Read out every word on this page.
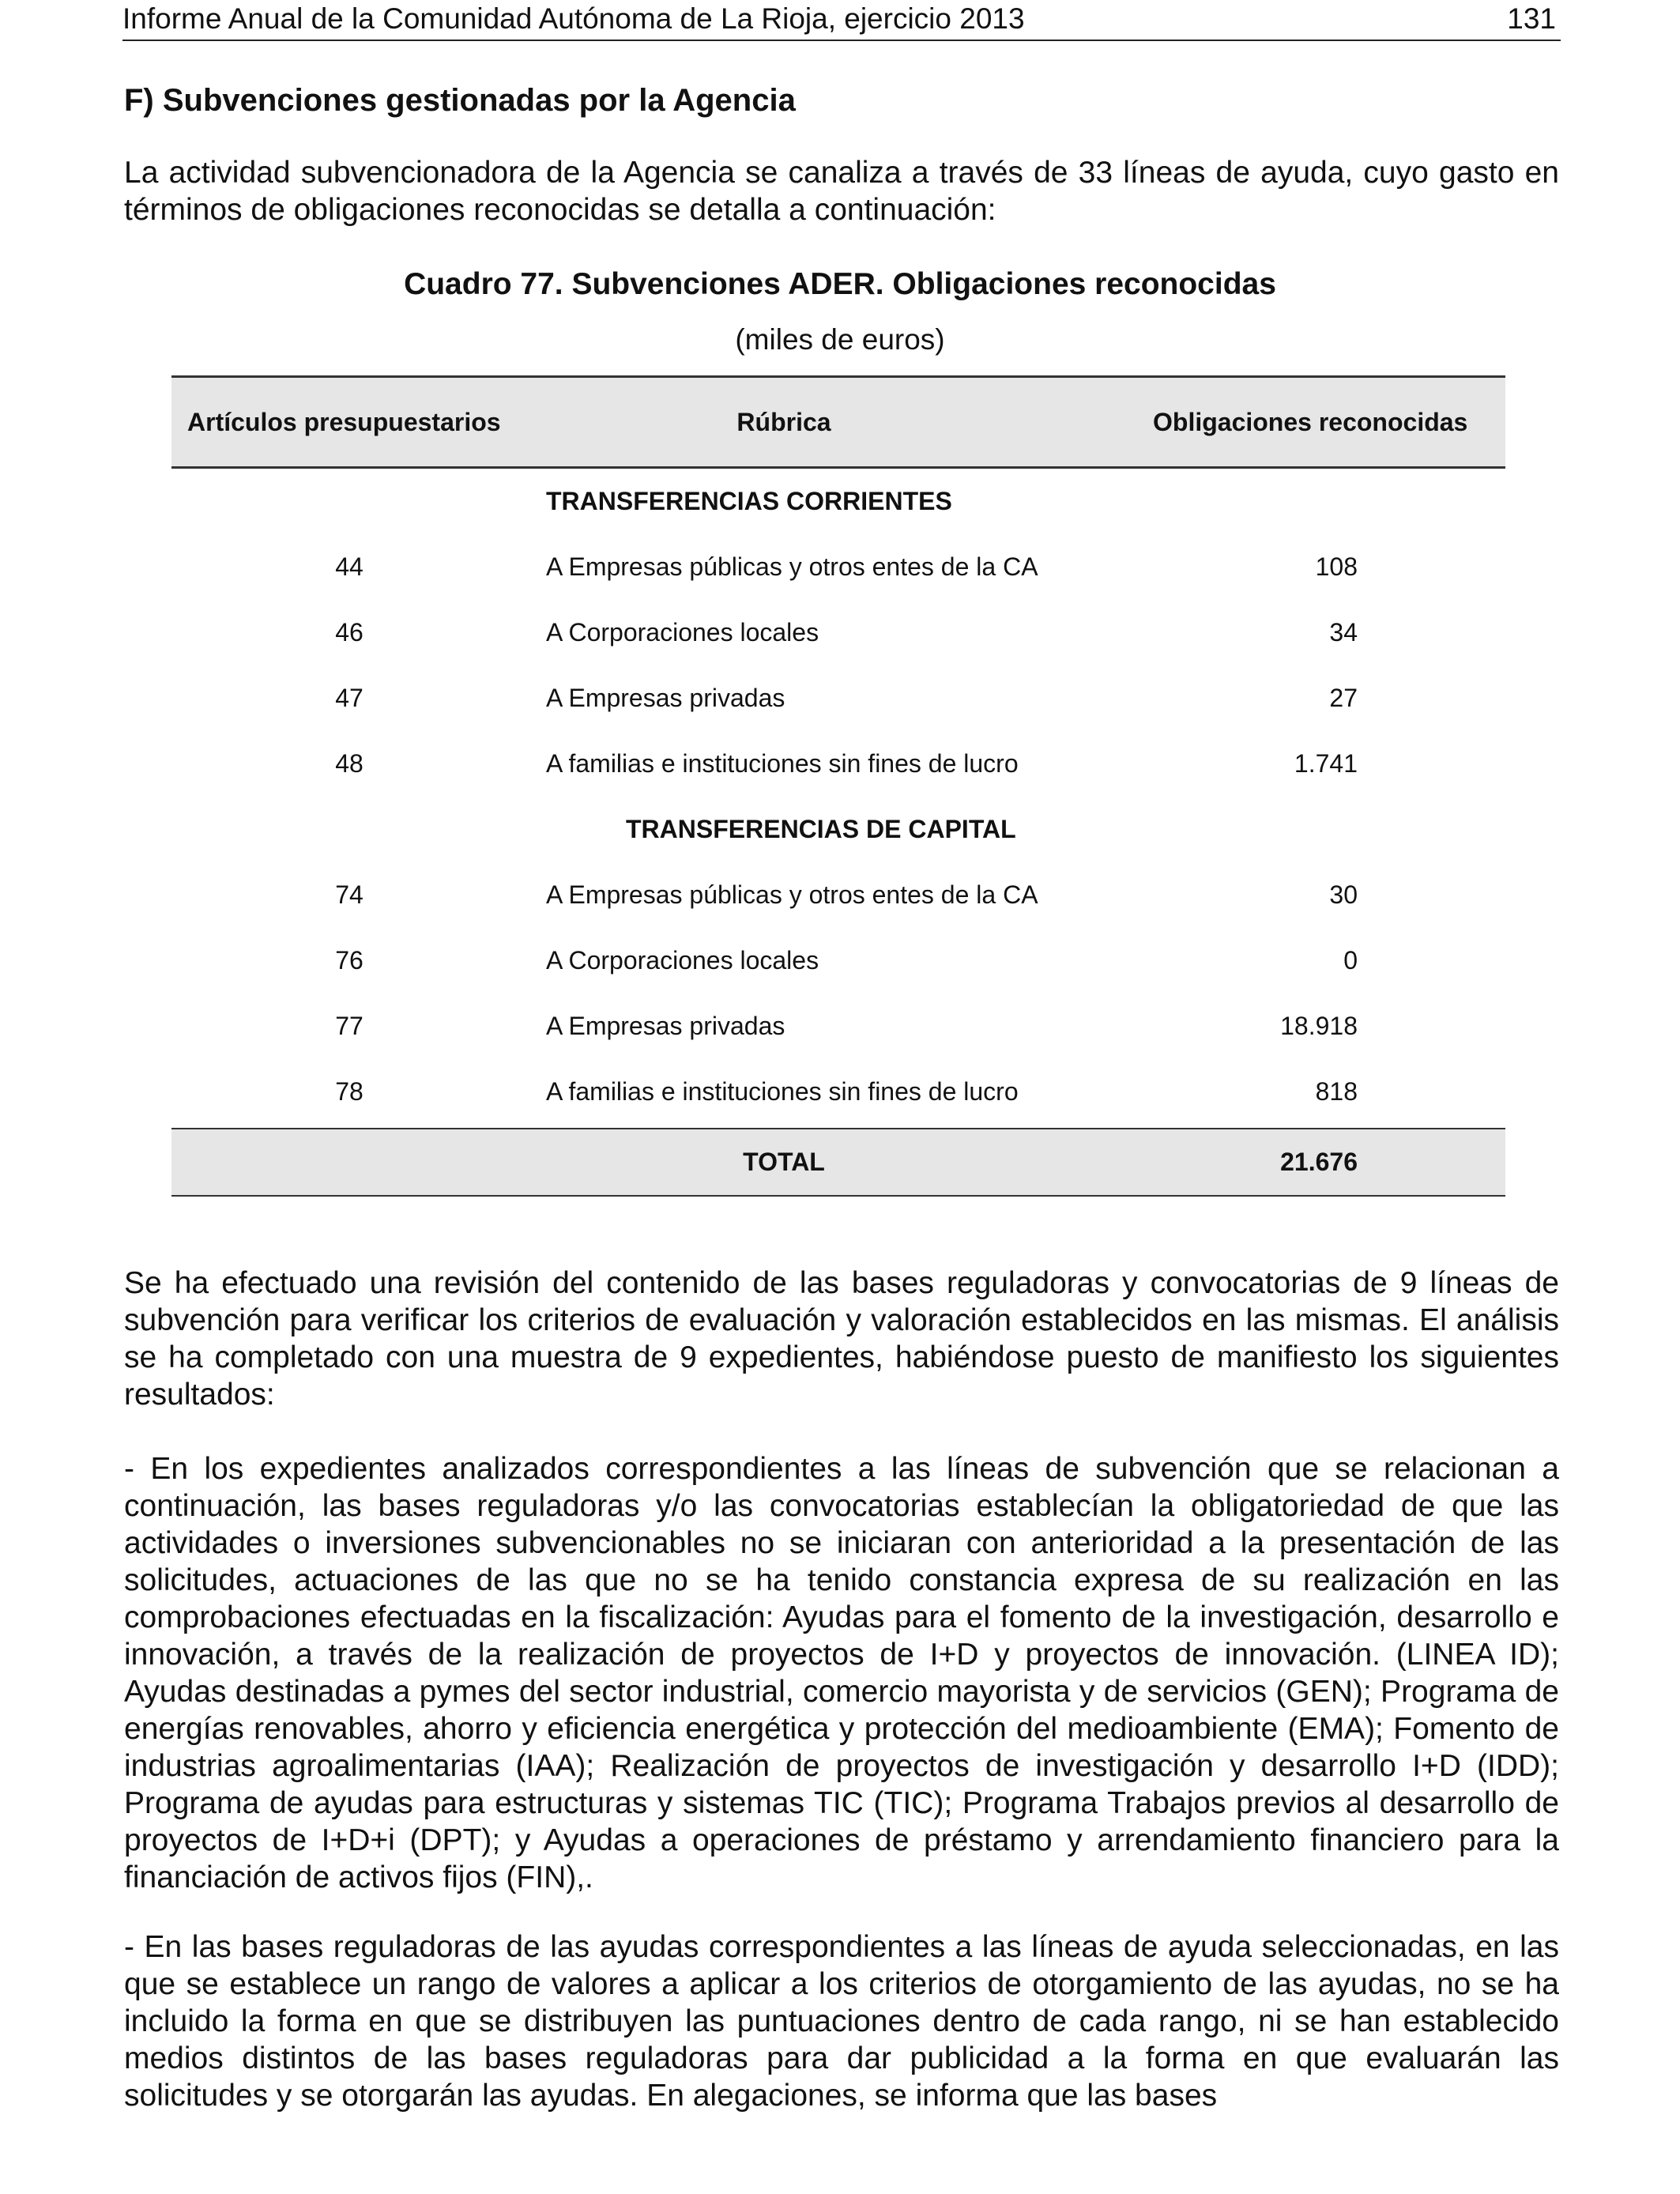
Informe Anual de la Comunidad Autónoma de La Rioja, ejercicio 2013	131
F) Subvenciones gestionadas por la Agencia

La actividad subvencionadora de la Agencia se canaliza a través de 33 líneas de ayuda, cuyo gasto en términos de obligaciones reconocidas se detalla a continuación:

Cuadro 77. Subvenciones ADER. Obligaciones reconocidas
(miles de euros)
Artículos presupuestarios	Rúbrica	Obligaciones reconocidas
TRANSFERENCIAS CORRIENTES
44	A Empresas públicas y otros entes de la CA	108
46	A Corporaciones locales	34
47	A Empresas privadas	27
48	A familias e instituciones sin fines de lucro	1.741
TRANSFERENCIAS DE CAPITAL
74	A Empresas públicas y otros entes de la CA	30
76	A Corporaciones locales	0
77	A Empresas privadas	18.918
78	A familias e instituciones sin fines de lucro	818
TOTAL	21.676

Se ha efectuado una revisión del contenido de las bases reguladoras y convocatorias de 9 líneas de subvención para verificar los criterios de evaluación y valoración establecidos en las mismas. El análisis se ha completado con una muestra de 9 expedientes, habiéndose puesto de manifiesto los siguientes resultados:

- En los expedientes analizados correspondientes a las líneas de subvención que se relacionan a continuación, las bases reguladoras y/o las convocatorias establecían la obligatoriedad de que las actividades o inversiones subvencionables no se iniciaran con anterioridad a la presentación de las solicitudes, actuaciones de las que no se ha tenido constancia expresa de su realización en las comprobaciones efectuadas en la fiscalización: Ayudas para el fomento de la investigación, desarrollo e innovación, a través de la realización de proyectos de I+D y proyectos de innovación. (LINEA ID); Ayudas destinadas a pymes del sector industrial, comercio mayorista y de servicios (GEN); Programa de energías renovables, ahorro y eficiencia energética y protección del medioambiente (EMA); Fomento de industrias agroalimentarias (IAA); Realización de proyectos de investigación y desarrollo I+D (IDD); Programa de ayudas para estructuras y sistemas TIC (TIC); Programa Trabajos previos al desarrollo de proyectos de I+D+i (DPT); y Ayudas a operaciones de préstamo y arrendamiento financiero para la financiación de activos fijos (FIN),.

- En las bases reguladoras de las ayudas correspondientes a las líneas de ayuda seleccionadas, en las que se establece un rango de valores a aplicar a los criterios de otorgamiento de las ayudas, no se ha incluido la forma en que se distribuyen las puntuaciones dentro de cada rango, ni se han establecido medios distintos de las bases reguladoras para dar publicidad a la forma en que evaluarán las solicitudes y se otorgarán las ayudas. En alegaciones, se informa que las bases
